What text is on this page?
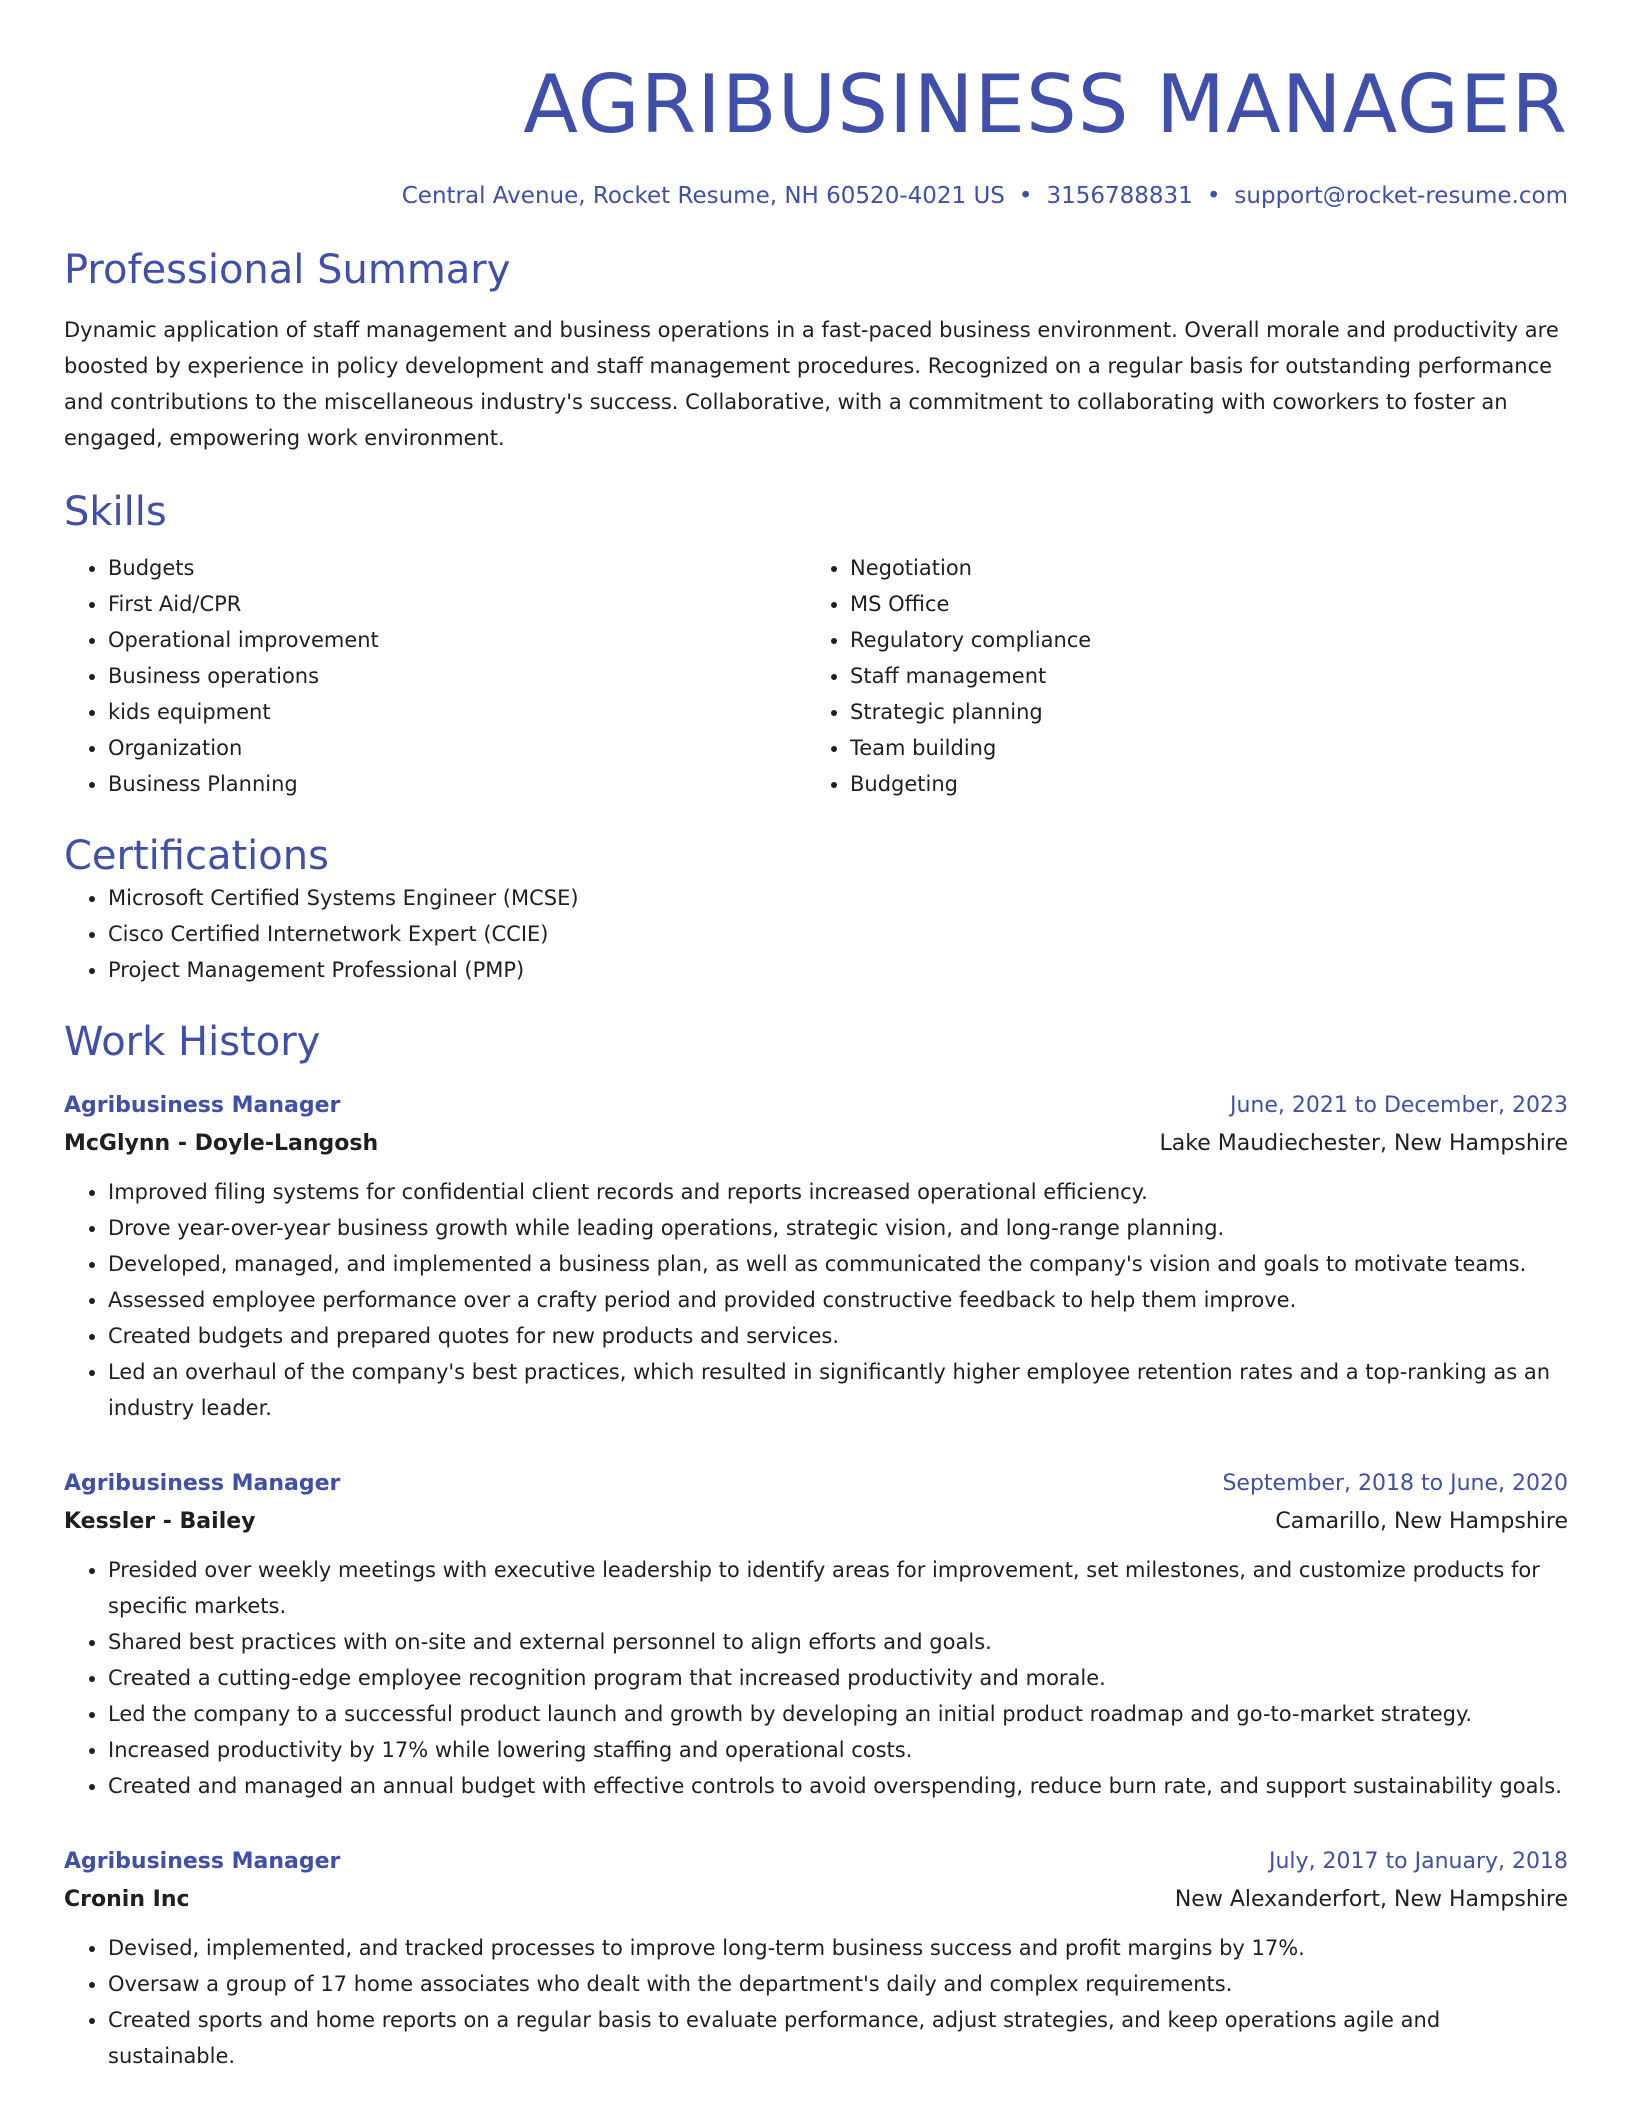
AGRIBUSINESS MANAGER
Central Avenue, Rocket Resume, NH 60520-4021 US • 3156788831 • support@rocket-resume.com
Professional Summary

Dynamic application of staff management and business operations in a fast-paced business environment. Overall morale and productivity are boosted by experience in policy development and staff management procedures. Recognized on a regular basis for outstanding performance and contributions to the miscellaneous industry's success. Collaborative, with a commitment to collaborating with coworkers to foster an engaged, empowering work environment.

Skills
• Budgets
• First Aid/CPR
• Operational improvement
• Business operations
• kids equipment
• Organization
• Business Planning
• Negotiation
• MS Office
• Regulatory compliance
• Staff management
• Strategic planning
• Team building
• Budgeting
Certifications
• Microsoft Certified Systems Engineer (MCSE)
• Cisco Certified Internetwork Expert (CCIE)
• Project Management Professional (PMP)
Work History
Agribusiness Manager	June, 2021 to December, 2023
McGlynn - Doyle-Langosh	Lake Maudiechester, New Hampshire
• Improved filing systems for confidential client records and reports increased operational efficiency.
• Drove year-over-year business growth while leading operations, strategic vision, and long-range planning.
• Developed, managed, and implemented a business plan, as well as communicated the company's vision and goals to motivate teams.
• Assessed employee performance over a crafty period and provided constructive feedback to help them improve.
• Created budgets and prepared quotes for new products and services.
• Led an overhaul of the company's best practices, which resulted in significantly higher employee retention rates and a top-ranking as an industry leader.
Agribusiness Manager	September, 2018 to June, 2020
Kessler - Bailey	Camarillo, New Hampshire
• Presided over weekly meetings with executive leadership to identify areas for improvement, set milestones, and customize products for specific markets.
• Shared best practices with on-site and external personnel to align efforts and goals.
• Created a cutting-edge employee recognition program that increased productivity and morale.
• Led the company to a successful product launch and growth by developing an initial product roadmap and go-to-market strategy.
• Increased productivity by 17% while lowering staffing and operational costs.
• Created and managed an annual budget with effective controls to avoid overspending, reduce burn rate, and support sustainability goals.
Agribusiness Manager	July, 2017 to January, 2018
Cronin Inc	New Alexanderfort, New Hampshire
• Devised, implemented, and tracked processes to improve long-term business success and profit margins by 17%.
• Oversaw a group of 17 home associates who dealt with the department's daily and complex requirements.
• Created sports and home reports on a regular basis to evaluate performance, adjust strategies, and keep operations agile and sustainable.
